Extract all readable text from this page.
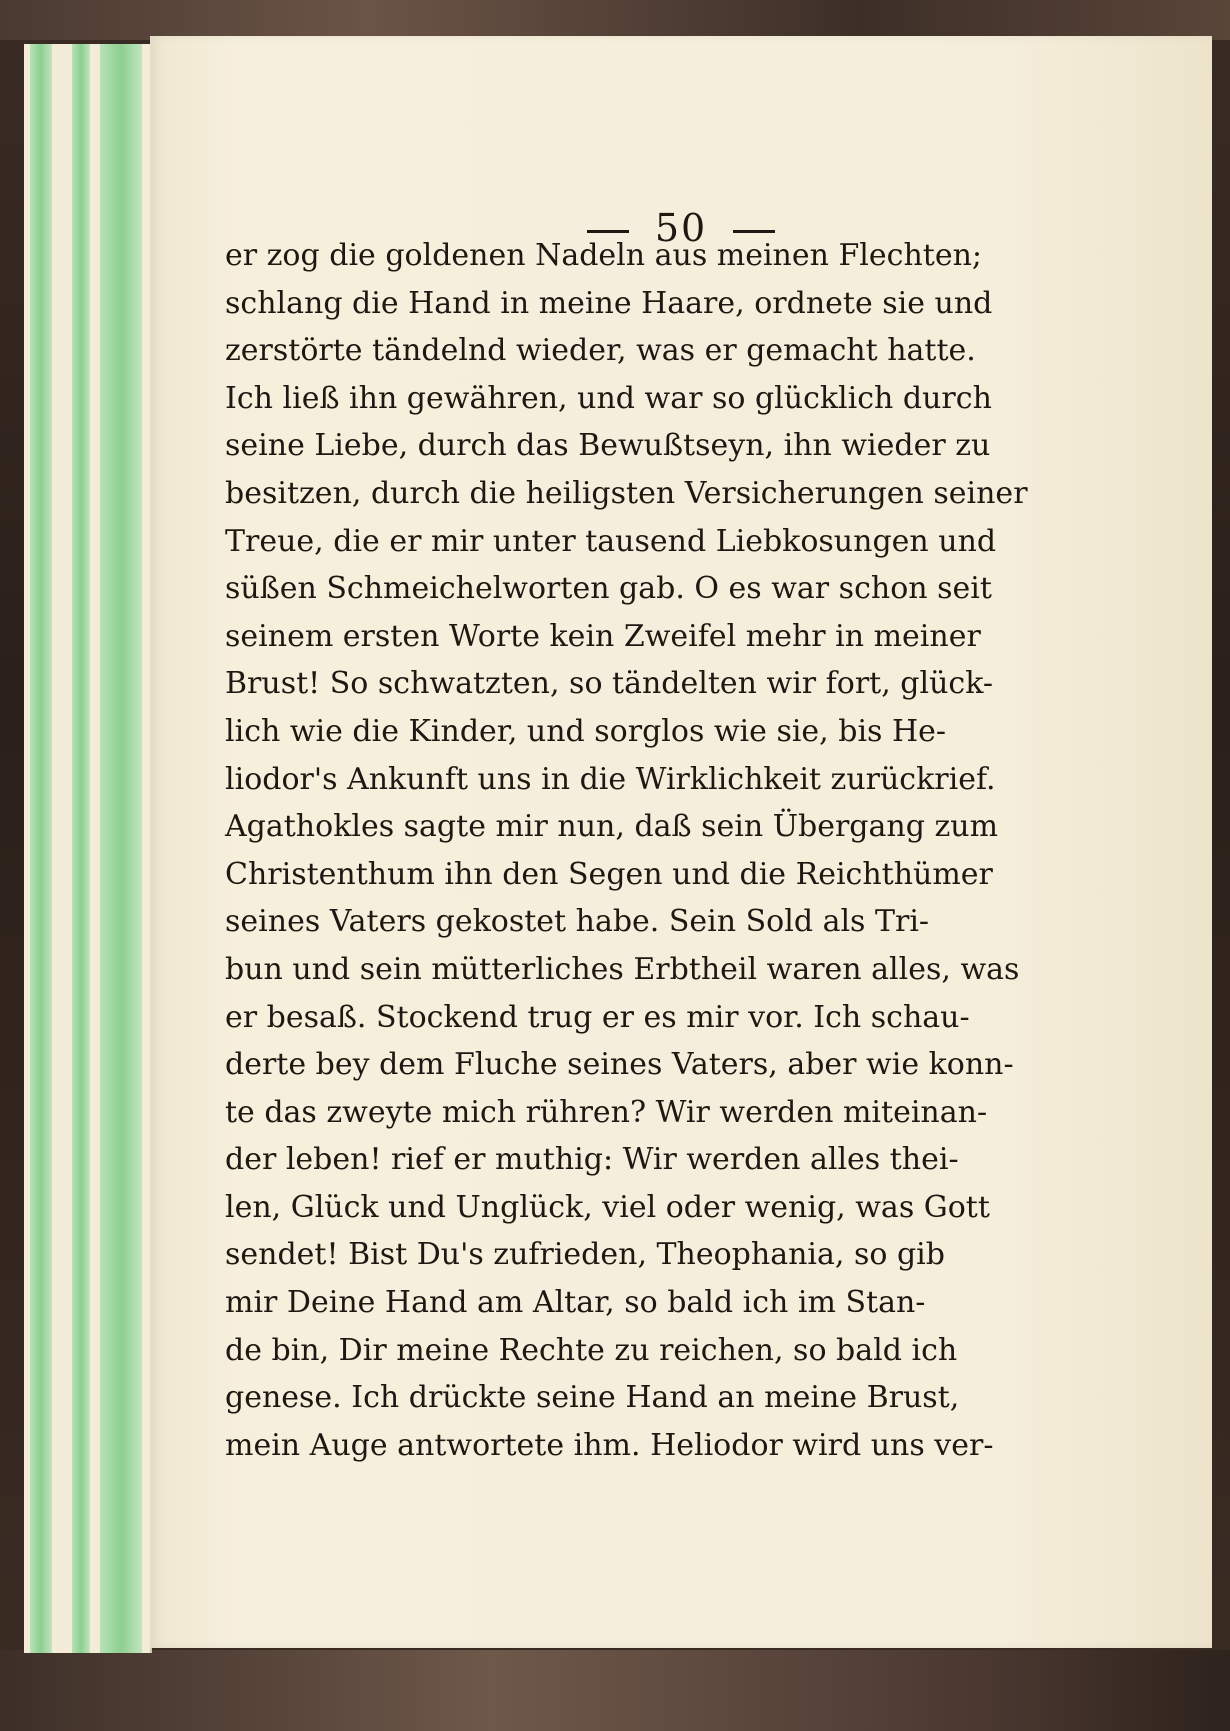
50
er zog die goldenen Nadeln aus meinen Flechten;
schlang die Hand in meine Haare, ordnete sie und
zerstörte tändelnd wieder, was er gemacht hatte.
Ich ließ ihn gewähren, und war so glücklich durch
seine Liebe, durch das Bewußtseyn, ihn wieder zu
besitzen, durch die heiligsten Versicherungen seiner
Treue, die er mir unter tausend Liebkosungen und
süßen Schmeichelworten gab. O es war schon seit
seinem ersten Worte kein Zweifel mehr in meiner
Brust! So schwatzten, so tändelten wir fort, glück-
lich wie die Kinder, und sorglos wie sie, bis He-
liodor's Ankunft uns in die Wirklichkeit zurückrief.
Agathokles sagte mir nun, daß sein Übergang zum
Christenthum ihn den Segen und die Reichthümer
seines Vaters gekostet habe. Sein Sold als Tri-
bun und sein mütterliches Erbtheil waren alles, was
er besaß. Stockend trug er es mir vor. Ich schau-
derte bey dem Fluche seines Vaters, aber wie konn-
te das zweyte mich rühren? Wir werden miteinan-
der leben! rief er muthig: Wir werden alles thei-
len, Glück und Unglück, viel oder wenig, was Gott
sendet! Bist Du's zufrieden, Theophania, so gib
mir Deine Hand am Altar, so bald ich im Stan-
de bin, Dir meine Rechte zu reichen, so bald ich
genese. Ich drückte seine Hand an meine Brust,
mein Auge antwortete ihm. Heliodor wird uns ver-
